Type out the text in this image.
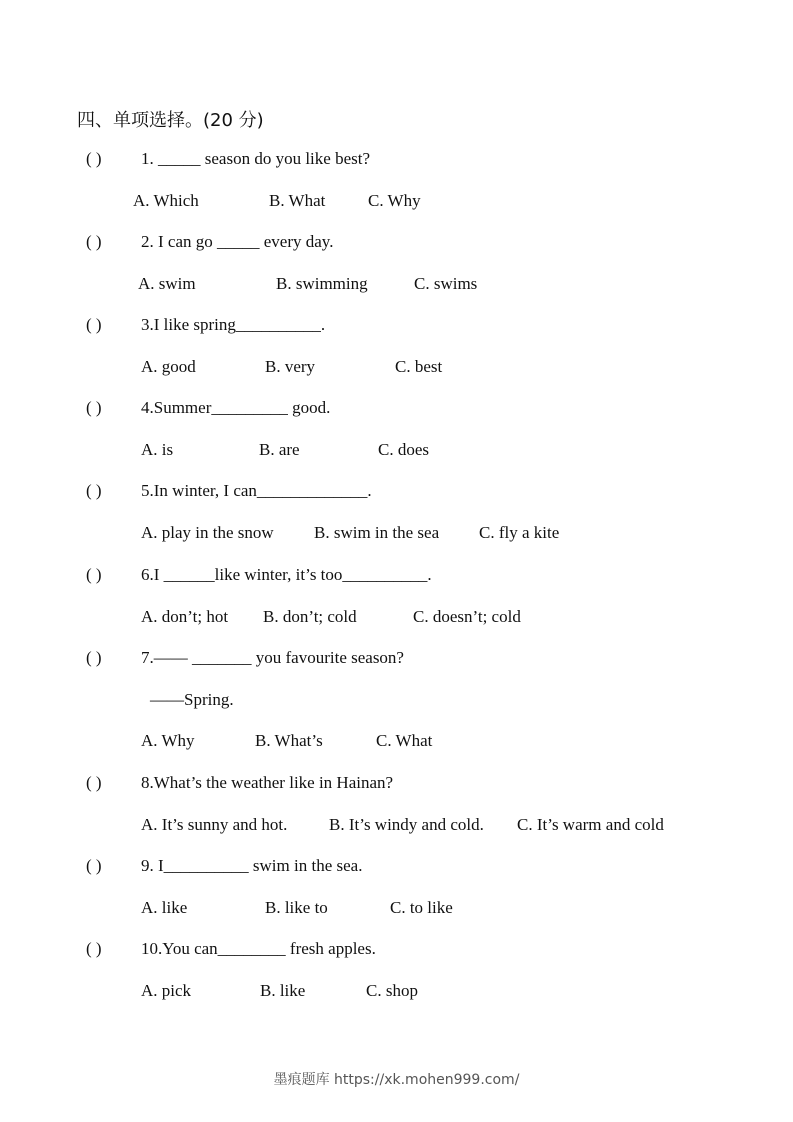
四、单项选择。(20 分)
( ) 1. _____ season do you like best?
A. Which	B. What	C. Why
( ) 2. I can go _____ every day.
A. swim	B. swimming	C. swims
( ) 3.I like spring__________.
A. good	B. very	C. best
( ) 4.Summer_________ good.
A. is	B. are	C. does
( ) 5.In winter, I can_____________.
A. play in the snow B. swim in the sea C. fly a kite
( ) 6.I ______like winter, it’s too__________.
A. don’t; hot B. don’t; cold	C. doesn’t; cold
( ) 7.—— _______ you favourite season?
——Spring.
A. Why	B. What’s	C. What
( ) 8.What’s the weather like in Hainan?
A. It’s sunny and hot. B. It’s windy and cold. C. It’s warm and cold
( ) 9. I__________ swim in the sea.
A. like	B. like to	C. to like
( ) 10.You can________ fresh apples.
A. pick	B. like	C. shop
墨痕题库 https://xk.mohen999.com/
